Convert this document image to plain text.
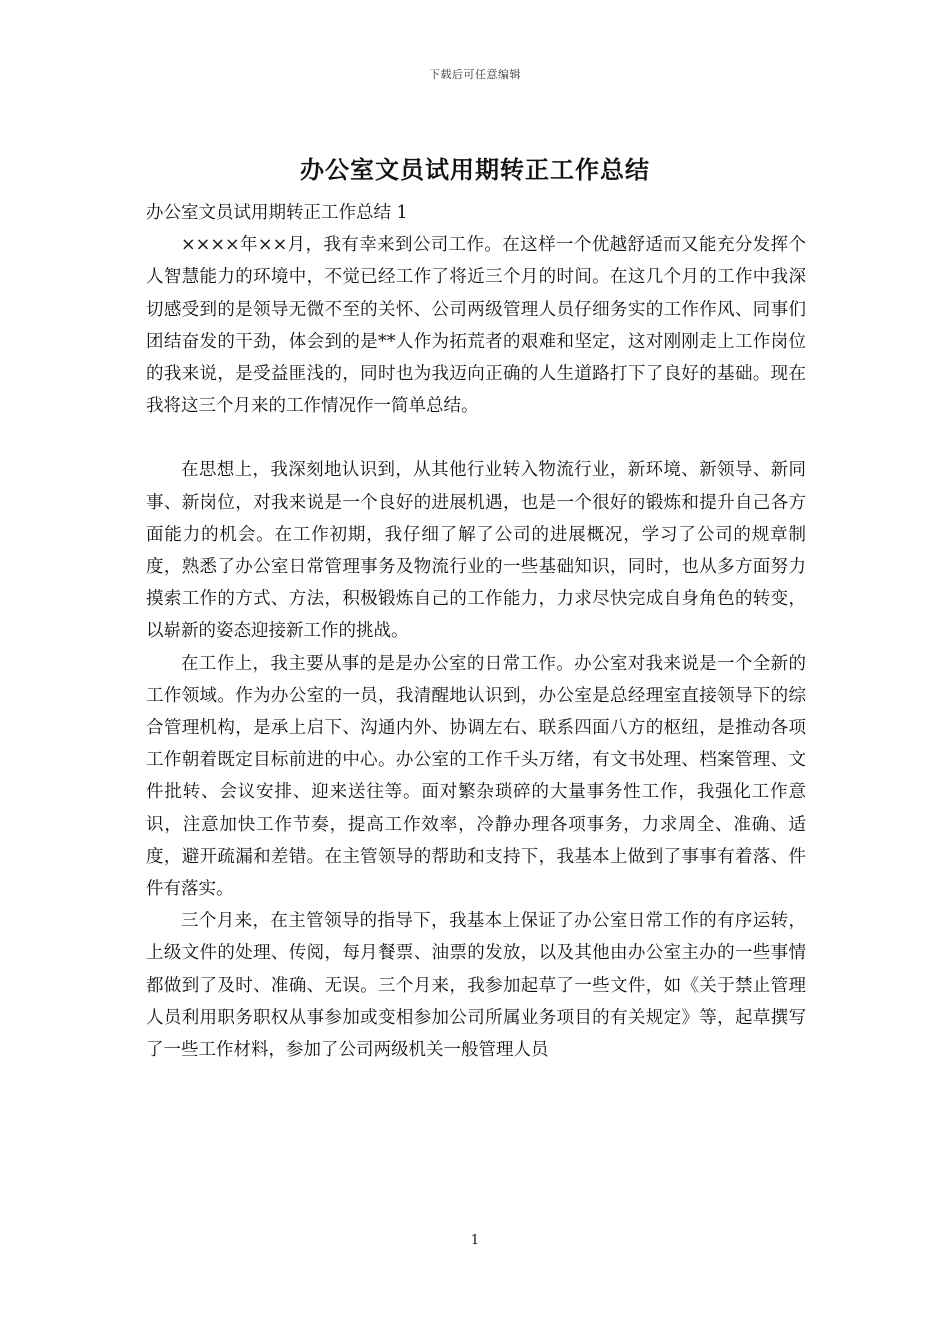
下载后可任意编辑
办公室文员试用期转正工作总结

办公室文员试用期转正工作总结 1

××××年××月，我有幸来到公司工作。在这样一个优越舒适而又能充分发挥个人智慧能力的环境中，不觉已经工作了将近三个月的时间。在这几个月的工作中我深切感受到的是领导无微不至的关怀、公司两级管理人员仔细务实的工作作风、同事们团结奋发的干劲，体会到的是**人作为拓荒者的艰难和坚定，这对刚刚走上工作岗位的我来说，是受益匪浅的，同时也为我迈向正确的人生道路打下了良好的基础。现在我将这三个月来的工作情况作一简单总结。

在思想上，我深刻地认识到，从其他行业转入物流行业，新环境、新领导、新同事、新岗位，对我来说是一个良好的进展机遇，也是一个很好的锻炼和提升自己各方面能力的机会。在工作初期，我仔细了解了公司的进展概况，学习了公司的规章制度，熟悉了办公室日常管理事务及物流行业的一些基础知识，同时，也从多方面努力摸索工作的方式、方法，积极锻炼自己的工作能力，力求尽快完成自身角色的转变，以崭新的姿态迎接新工作的挑战。

在工作上，我主要从事的是是办公室的日常工作。办公室对我来说是一个全新的工作领域。作为办公室的一员，我清醒地认识到，办公室是总经理室直接领导下的综合管理机构，是承上启下、沟通内外、协调左右、联系四面八方的枢纽，是推动各项工作朝着既定目标前进的中心。办公室的工作千头万绪，有文书处理、档案管理、文件批转、会议安排、迎来送往等。面对繁杂琐碎的大量事务性工作，我强化工作意识，注意加快工作节奏，提高工作效率，冷静办理各项事务，力求周全、准确、适度，避开疏漏和差错。在主管领导的帮助和支持下，我基本上做到了事事有着落、件件有落实。

三个月来，在主管领导的指导下，我基本上保证了办公室日常工作的有序运转，上级文件的处理、传阅，每月餐票、油票的发放，以及其他由办公室主办的一些事情都做到了及时、准确、无误。三个月来，我参加起草了一些文件，如《关于禁止管理人员利用职务职权从事参加或变相参加公司所属业务项目的有关规定》等，起草撰写了一些工作材料，参加了公司两级机关一般管理人员

1
